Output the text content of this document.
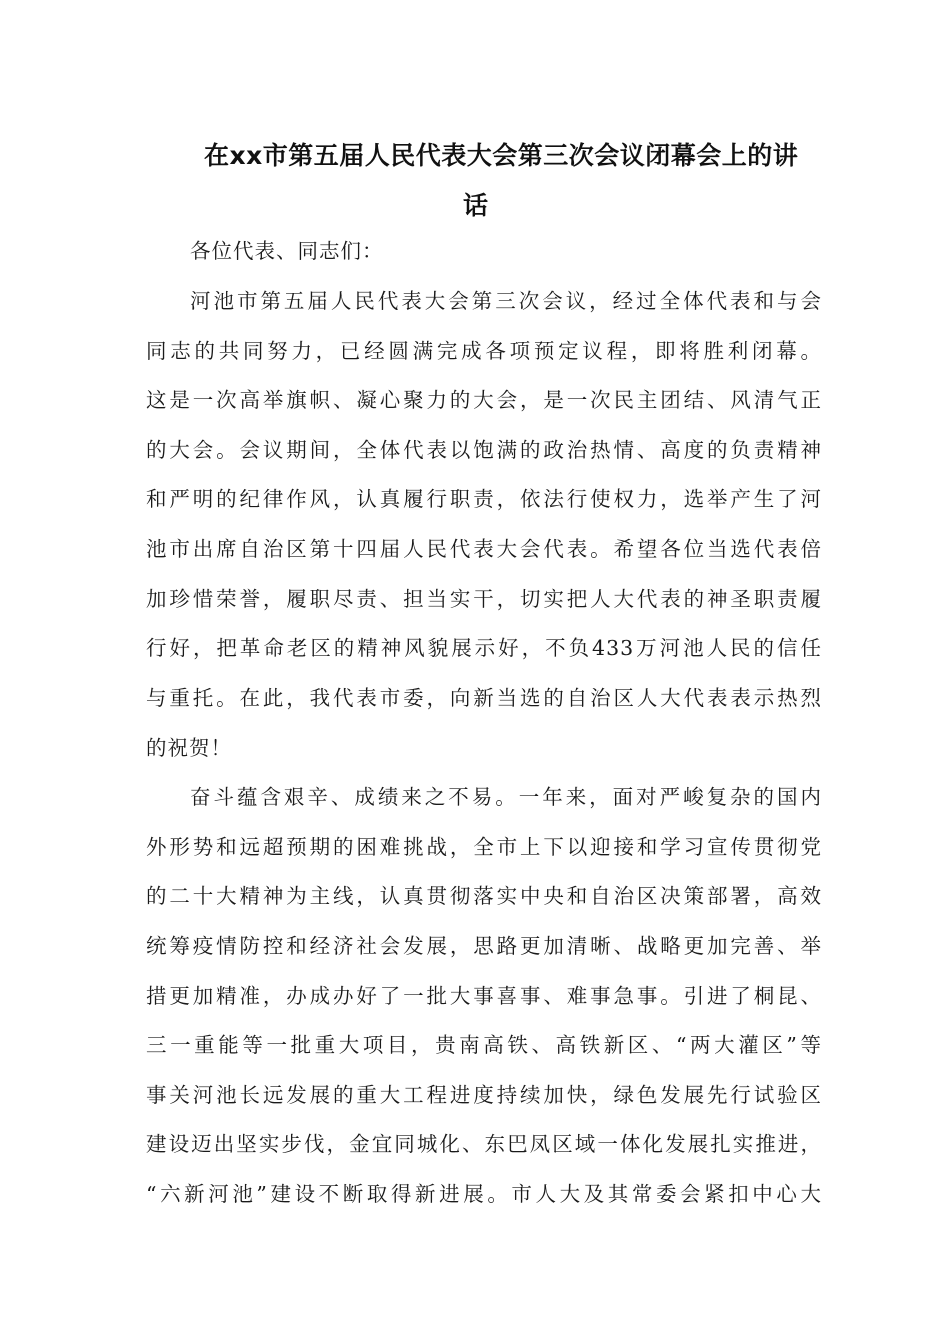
在xx市第五届人民代表大会第三次会议闭幕会上的讲
话
各位代表、同志们：
河池市第五届人民代表大会第三次会议，经过全体代表和与会
同志的共同努力，已经圆满完成各项预定议程，即将胜利闭幕。
这是一次高举旗帜、凝心聚力的大会，是一次民主团结、风清气正
的大会。会议期间，全体代表以饱满的政治热情、高度的负责精神
和严明的纪律作风，认真履行职责，依法行使权力，选举产生了河
池市出席自治区第十四届人民代表大会代表。希望各位当选代表倍
加珍惜荣誉，履职尽责、担当实干，切实把人大代表的神圣职责履
行好，把革命老区的精神风貌展示好，不负433万河池人民的信任
与重托。在此，我代表市委，向新当选的自治区人大代表表示热烈
的祝贺！
奋斗蕴含艰辛、成绩来之不易。一年来，面对严峻复杂的国内
外形势和远超预期的困难挑战，全市上下以迎接和学习宣传贯彻党
的二十大精神为主线，认真贯彻落实中央和自治区决策部署，高效
统筹疫情防控和经济社会发展，思路更加清晰、战略更加完善、举
措更加精准，办成办好了一批大事喜事、难事急事。引进了桐昆、
三一重能等一批重大项目，贵南高铁、高铁新区、“两大灌区”等
事关河池长远发展的重大工程进度持续加快，绿色发展先行试验区
建设迈出坚实步伐，金宜同城化、东巴凤区域一体化发展扎实推进，
“六新河池”建设不断取得新进展。市人大及其常委会紧扣中心大
